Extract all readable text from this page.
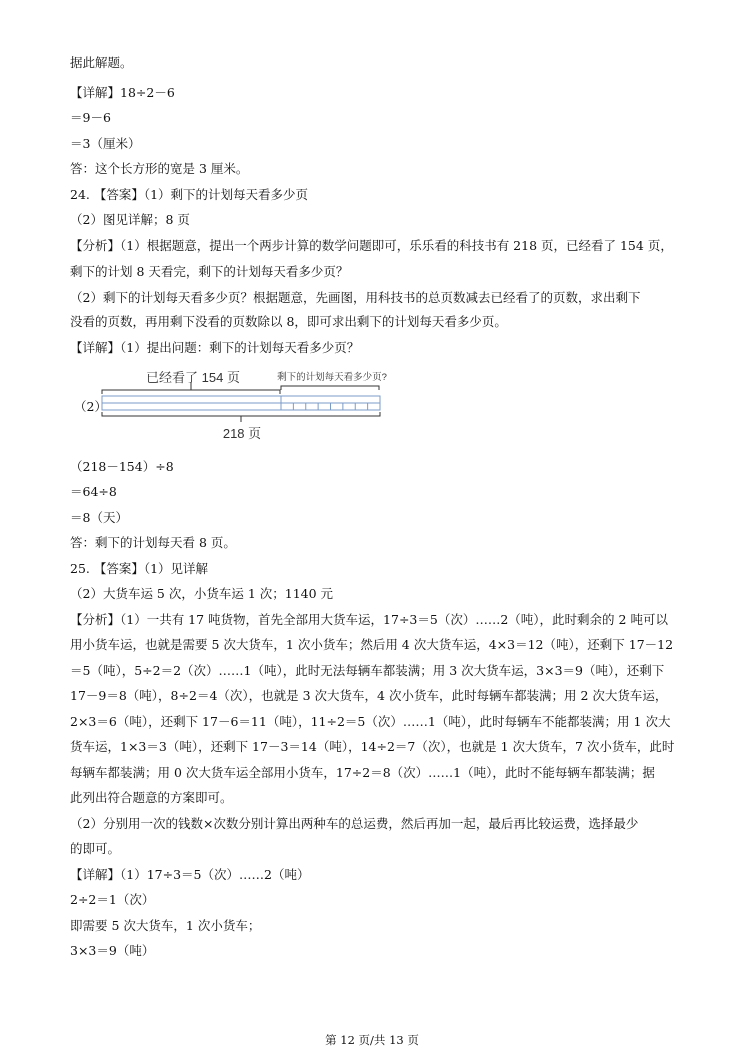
据此解题。
【详解】18÷2－6
＝9－6
＝3（厘米）
答：这个长方形的宽是 3 厘米。
24. 【答案】（1）剩下的计划每天看多少页
（2）图见详解；8 页
【分析】（1）根据题意，提出一个两步计算的数学问题即可，乐乐看的科技书有 218 页，已经看了 154 页，
剩下的计划 8 天看完，剩下的计划每天看多少页？
（2）剩下的计划每天看多少页？根据题意，先画图，用科技书的总页数减去已经看了的页数，求出剩下
没看的页数，再用剩下没看的页数除以 8，即可求出剩下的计划每天看多少页。
【详解】（1）提出问题：剩下的计划每天看多少页？
（2）
已经看了 154 页	剩下的计划每天看多少页?
218 页
（218－154）÷8
＝64÷8
＝8（天）
答：剩下的计划每天看 8 页。
25. 【答案】（1）见详解
（2）大货车运 5 次，小货车运 1 次；1140 元
【分析】（1）一共有 17 吨货物，首先全部用大货车运，17÷3＝5（次）……2（吨），此时剩余的 2 吨可以
用小货车运，也就是需要 5 次大货车，1 次小货车；然后用 4 次大货车运，4×3＝12（吨），还剩下 17－12
＝5（吨），5÷2＝2（次）……1（吨），此时无法每辆车都装满；用 3 次大货车运，3×3＝9（吨），还剩下
17－9＝8（吨），8÷2＝4（次），也就是 3 次大货车，4 次小货车，此时每辆车都装满；用 2 次大货车运，
2×3＝6（吨），还剩下 17－6＝11（吨），11÷2＝5（次）……1（吨），此时每辆车不能都装满；用 1 次大
货车运，1×3＝3（吨），还剩下 17－3＝14（吨），14÷2＝7（次），也就是 1 次大货车，7 次小货车，此时
每辆车都装满；用 0 次大货车运全部用小货车，17÷2＝8（次）……1（吨），此时不能每辆车都装满；据
此列出符合题意的方案即可。
（2）分别用一次的钱数×次数分别计算出两种车的总运费，然后再加一起，最后再比较运费，选择最少
的即可。
【详解】（1）17÷3＝5（次）……2（吨）
2÷2＝1（次）
即需要 5 次大货车，1 次小货车；
3×3＝9（吨）
第 12 页/共 13 页
